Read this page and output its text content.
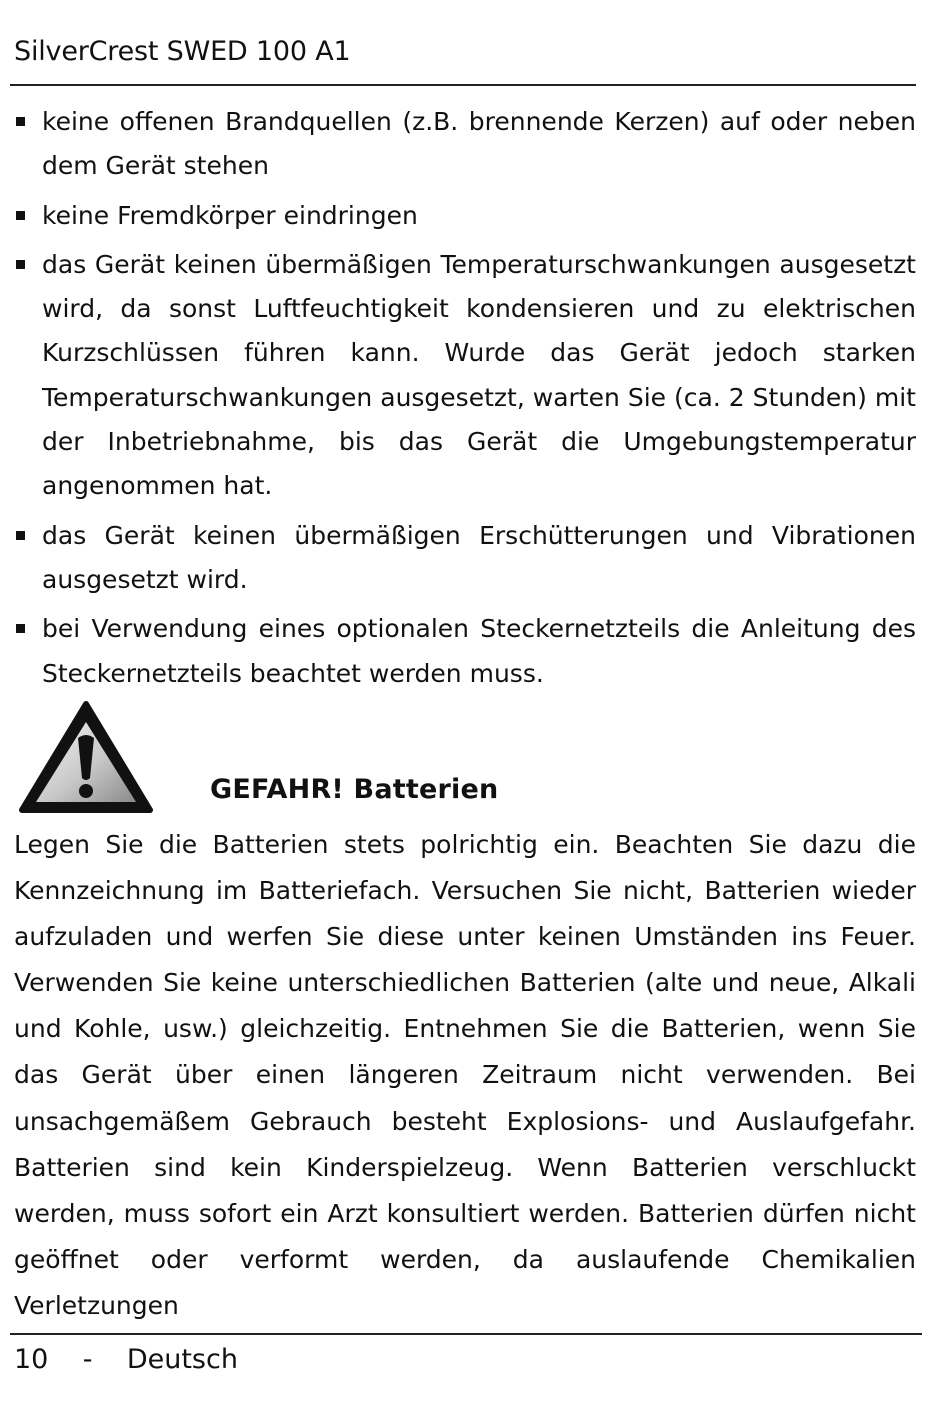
SilverCrest SWED 100 A1
keine offenen Brandquellen (z.B. brennende Kerzen) auf oder neben dem Gerät stehen
keine Fremdkörper eindringen
das Gerät keinen übermäßigen Temperaturschwankungen ausgesetzt wird, da sonst Luftfeuchtigkeit kondensieren und zu elektrischen Kurzschlüssen führen kann. Wurde das Gerät jedoch starken Temperaturschwankungen ausgesetzt, warten Sie (ca. 2 Stunden) mit der Inbetriebnahme, bis das Gerät die Umgebungstemperatur angenommen hat.
das Gerät keinen übermäßigen Erschütterungen und Vibrationen ausgesetzt wird.
bei Verwendung eines optionalen Steckernetzteils die Anleitung des Steckernetzteils beachtet werden muss.
GEFAHR! Batterien

Legen Sie die Batterien stets polrichtig ein. Beachten Sie dazu die Kennzeichnung im Batteriefach. Versuchen Sie nicht, Batterien wieder aufzuladen und werfen Sie diese unter keinen Umständen ins Feuer. Verwenden Sie keine unterschiedlichen Batterien (alte und neue, Alkali und Kohle, usw.) gleichzeitig. Entnehmen Sie die Batterien, wenn Sie das Gerät über einen längeren Zeitraum nicht verwenden. Bei unsachgemäßem Gebrauch besteht Explosions- und Auslaufgefahr. Batterien sind kein Kinderspielzeug. Wenn Batterien verschluckt werden, muss sofort ein Arzt konsultiert werden. Batterien dürfen nicht geöffnet oder verformt werden, da auslaufende Chemikalien Verletzungen

10 - Deutsch
